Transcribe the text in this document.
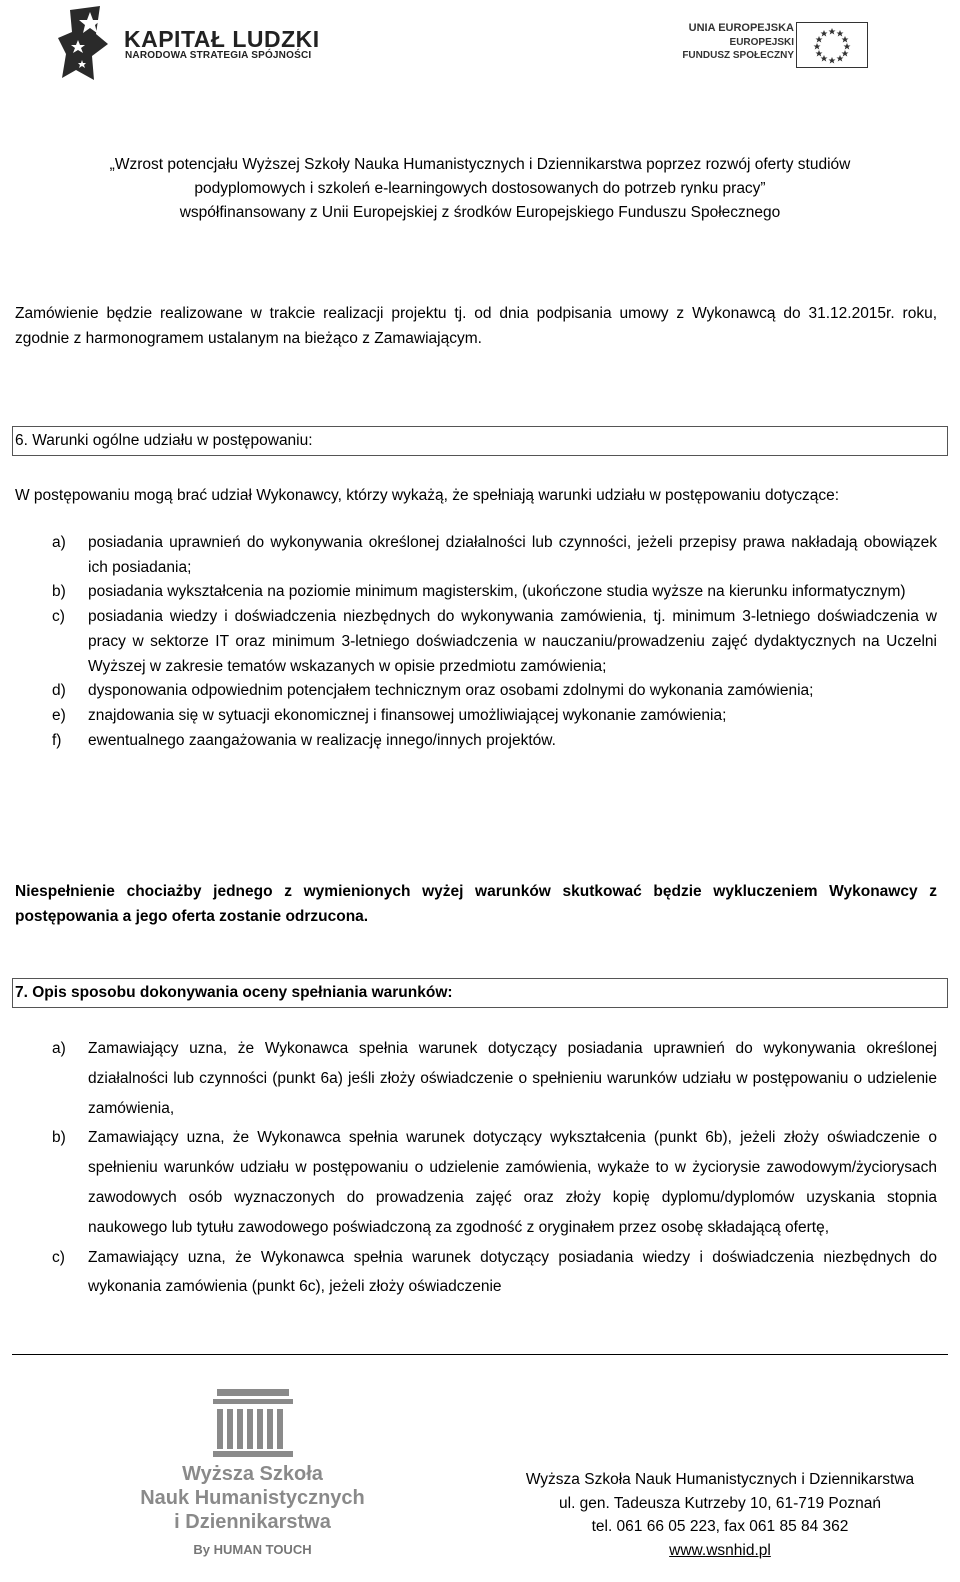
KAPITAŁ LUDZKI
NARODOWA STRATEGIA SPÓJNOŚCI
UNIA EUROPEJSKA
EUROPEJSKI
FUNDUSZ SPOŁECZNY
„Wzrost potencjału Wyższej Szkoły Nauka Humanistycznych i Dziennikarstwa poprzez rozwój oferty studiów
podyplomowych i szkoleń e-learningowych dostosowanych do potrzeb rynku pracy”
współfinansowany z Unii Europejskiej z środków Europejskiego Funduszu Społecznego
Zamówienie będzie realizowane w trakcie realizacji projektu tj. od dnia podpisania umowy z Wykonawcą do 31.12.2015r. roku, zgodnie z harmonogramem ustalanym na bieżąco z Zamawiającym.
6. Warunki ogólne udziału w postępowaniu:
W postępowaniu mogą brać udział Wykonawcy, którzy wykażą, że spełniają warunki udziału w postępowaniu dotyczące:
a) posiadania uprawnień do wykonywania określonej działalności lub czynności, jeżeli przepisy prawa nakładają obowiązek ich posiadania;
b) posiadania wykształcenia na poziomie minimum magisterskim, (ukończone studia wyższe na kierunku informatycznym)
c) posiadania wiedzy i doświadczenia niezbędnych do wykonywania zamówienia, tj. minimum 3-letniego doświadczenia w pracy w sektorze IT oraz minimum 3-letniego doświadczenia w nauczaniu/prowadzeniu zajęć dydaktycznych na Uczelni Wyższej w zakresie tematów wskazanych w opisie przedmiotu zamówienia;
d) dysponowania odpowiednim potencjałem technicznym oraz osobami zdolnymi do wykonania zamówienia;
e) znajdowania się w sytuacji ekonomicznej i finansowej umożliwiającej wykonanie zamówienia;
f) ewentualnego zaangażowania w realizację innego/innych projektów.
Niespełnienie chociażby jednego z wymienionych wyżej warunków skutkować będzie wykluczeniem Wykonawcy z postępowania a jego oferta zostanie odrzucona.
7. Opis sposobu dokonywania oceny spełniania warunków:
a) Zamawiający uzna, że Wykonawca spełnia warunek dotyczący posiadania uprawnień do wykonywania określonej działalności lub czynności (punkt 6a) jeśli złoży oświadczenie o spełnieniu warunków udziału w postępowaniu o udzielenie zamówienia,
b) Zamawiający uzna, że Wykonawca spełnia warunek dotyczący wykształcenia (punkt 6b), jeżeli złoży oświadczenie o spełnieniu warunków udziału w postępowaniu o udzielenie zamówienia, wykaże to w życiorysie zawodowym/życiorysach zawodowych osób wyznaczonych do prowadzenia zajęć oraz złoży kopię dyplomu/dyplomów uzyskania stopnia naukowego lub tytułu zawodowego poświadczoną za zgodność z oryginałem przez osobę składającą ofertę,
c) Zamawiający uzna, że Wykonawca spełnia warunek dotyczący posiadania wiedzy i doświadczenia niezbędnych do wykonania zamówienia (punkt 6c), jeżeli złoży oświadczenie
Wyższa Szkoła
Nauk Humanistycznych
i Dziennikarstwa
By HUMAN TOUCH
Wyższa Szkoła Nauk Humanistycznych i Dziennikarstwa
ul. gen. Tadeusza Kutrzeby 10, 61-719 Poznań
tel. 061 66 05 223, fax 061 85 84 362
www.wsnhid.pl
